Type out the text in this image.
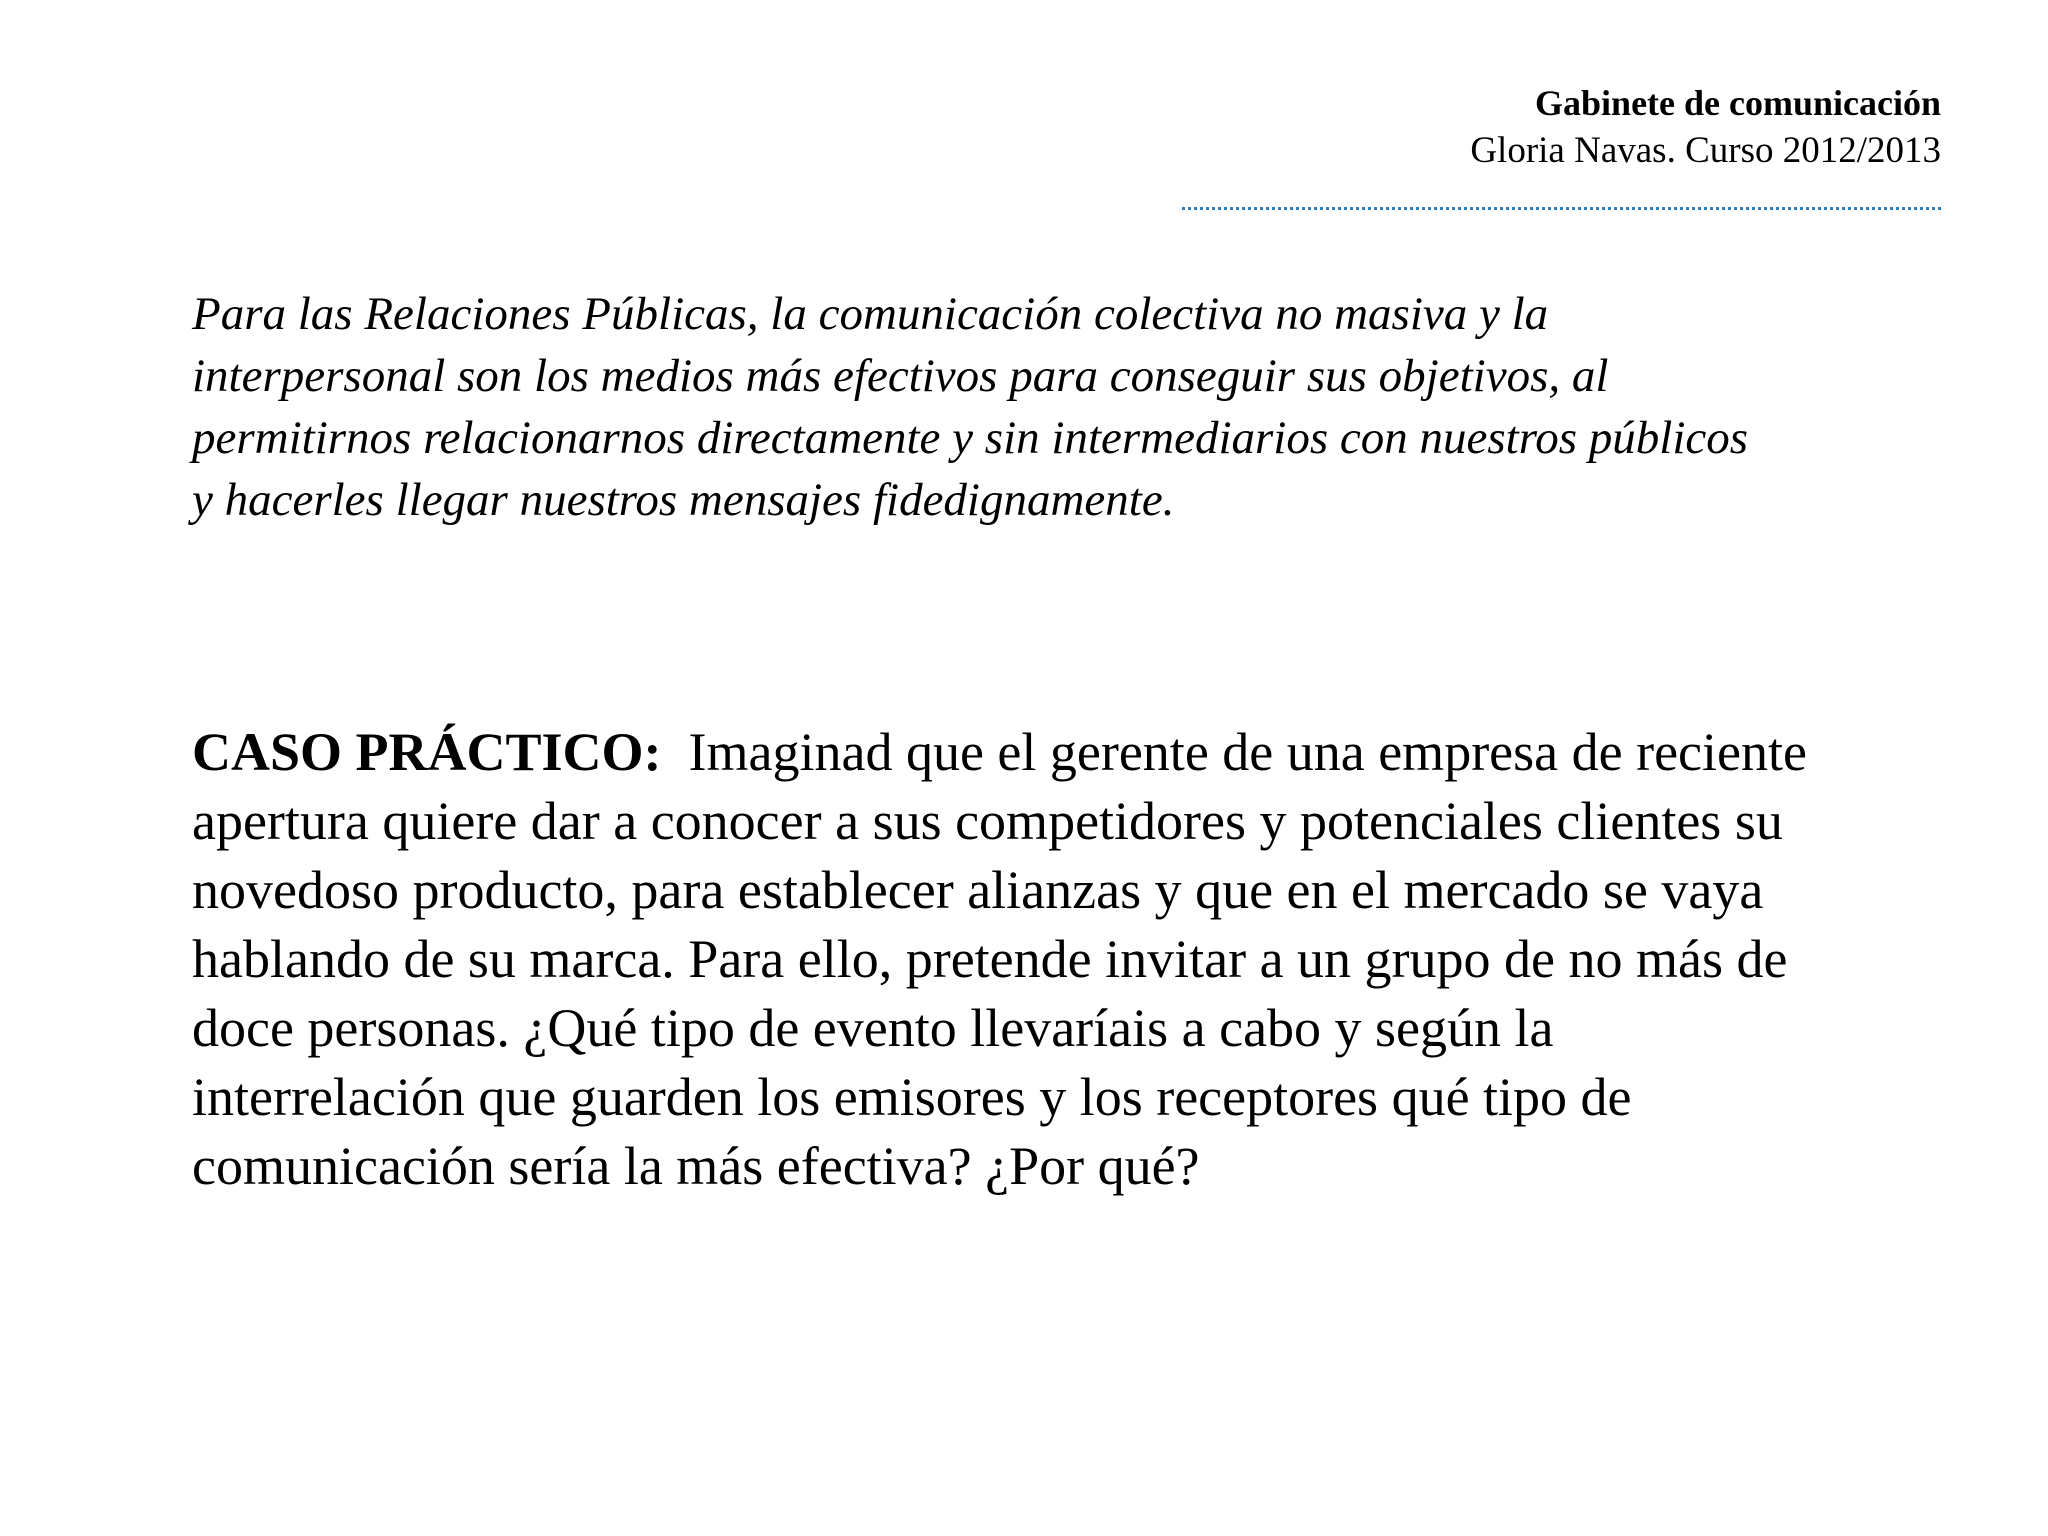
Gabinete de comunicación
Gloria Navas. Curso 2012/2013

Para las Relaciones Públicas, la comunicación colectiva no masiva y la
interpersonal son los medios más efectivos para conseguir sus objetivos, al
permitirnos relacionarnos directamente y sin intermediarios con nuestros públicos
y hacerles llegar nuestros mensajes fidedignamente.

CASO PRÁCTICO: Imaginad que el gerente de una empresa de reciente
apertura quiere dar a conocer a sus competidores y potenciales clientes su
novedoso producto, para establecer alianzas y que en el mercado se vaya
hablando de su marca. Para ello, pretende invitar a un grupo de no más de
doce personas. ¿Qué tipo de evento llevaríais a cabo y según la
interrelación que guarden los emisores y los receptores qué tipo de
comunicación sería la más efectiva? ¿Por qué?
